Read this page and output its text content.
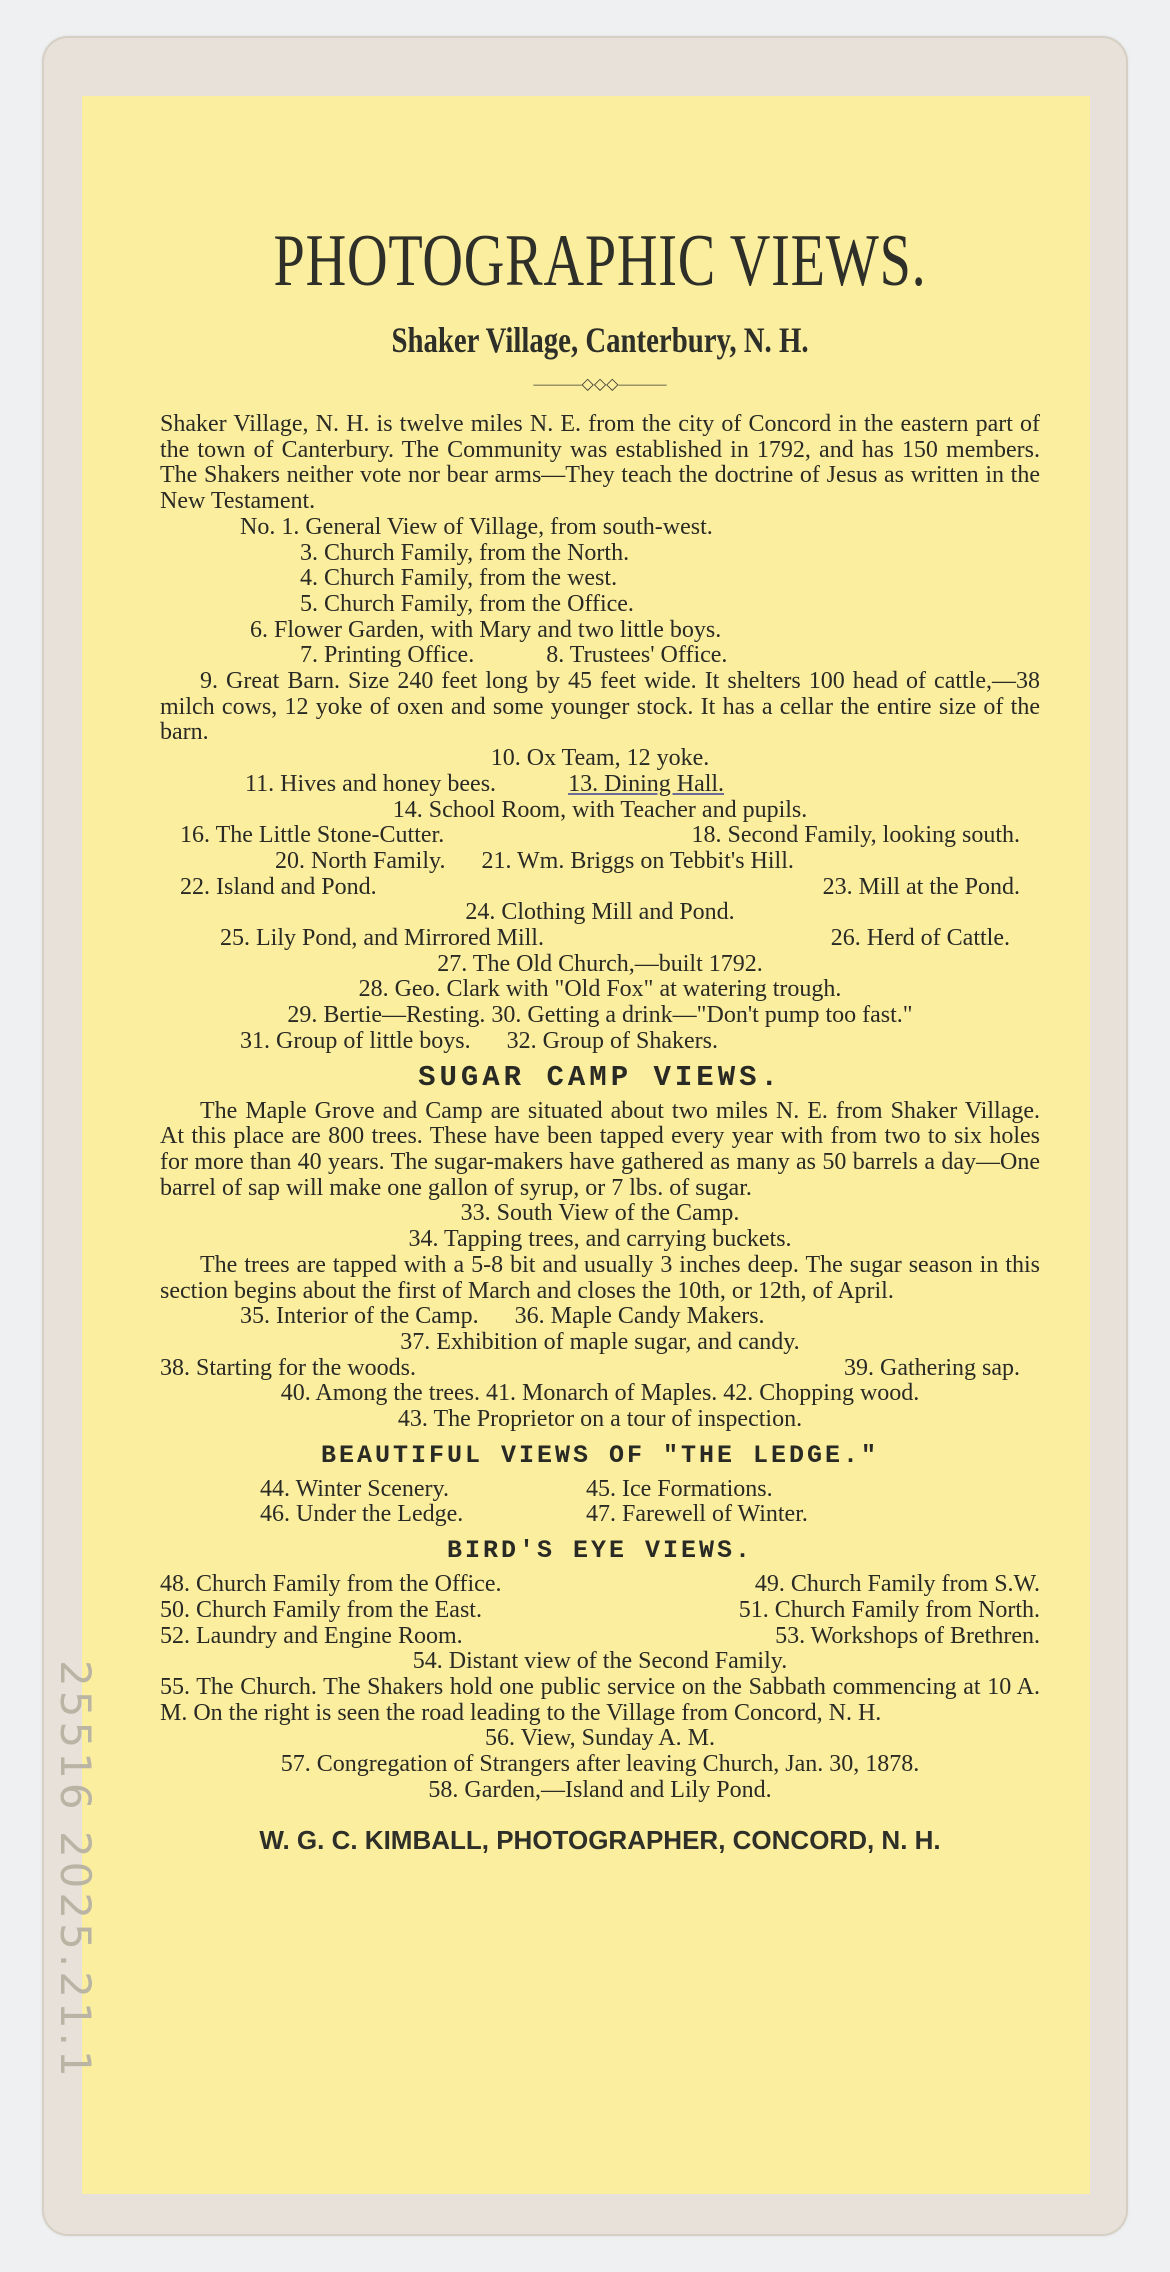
25516 2025.21.1
PHOTOGRAPHIC VIEWS.
Shaker Village, Canterbury, N. H.
———◇◇◇———
Shaker Village, N. H. is twelve miles N. E. from the city of Concord in the eastern part of the town of Canterbury. The Community was established in 1792, and has 150 members. The Shakers neither vote nor bear arms—They teach the doctrine of Jesus as written in the New Testament.
No. 1. General View of Village, from south-west.
3. Church Family, from the North.
4. Church Family, from the west.
5. Church Family, from the Office.
6. Flower Garden, with Mary and two little boys.
7. Printing Office.	8. Trustees' Office.
9. Great Barn. Size 240 feet long by 45 feet wide. It shelters 100 head of cattle,—38 milch cows, 12 yoke of oxen and some younger stock. It has a cellar the entire size of the barn.
10. Ox Team, 12 yoke.
11. Hives and honey bees.	13. Dining Hall.
14. School Room, with Teacher and pupils.
16. The Little Stone-Cutter.	18. Second Family, looking south.
20. North Family. 21. Wm. Briggs on Tebbit's Hill.
22. Island and Pond.	23. Mill at the Pond.
24. Clothing Mill and Pond.
25. Lily Pond, and Mirrored Mill.	26. Herd of Cattle.
27. The Old Church,—built 1792.
28. Geo. Clark with "Old Fox" at watering trough.
29. Bertie—Resting. 30. Getting a drink—"Don't pump too fast."
31. Group of little boys. 32. Group of Shakers.
SUGAR CAMP VIEWS.
The Maple Grove and Camp are situated about two miles N. E. from Shaker Village. At this place are 800 trees. These have been tapped every year with from two to six holes for more than 40 years. The sugar-makers have gathered as many as 50 barrels a day—One barrel of sap will make one gallon of syrup, or 7 lbs. of sugar.
33. South View of the Camp.
34. Tapping trees, and carrying buckets.
The trees are tapped with a 5-8 bit and usually 3 inches deep. The sugar season in this section begins about the first of March and closes the 10th, or 12th, of April.
35. Interior of the Camp. 36. Maple Candy Makers.
37. Exhibition of maple sugar, and candy.
38. Starting for the woods.	39. Gathering sap.
40. Among the trees. 41. Monarch of Maples. 42. Chopping wood.
43. The Proprietor on a tour of inspection.
BEAUTIFUL VIEWS OF "THE LEDGE."
44. Winter Scenery.	45. Ice Formations.
46. Under the Ledge.	47. Farewell of Winter.
BIRD'S EYE VIEWS.
48. Church Family from the Office.	49. Church Family from S.W.
50. Church Family from the East.	51. Church Family from North.
52. Laundry and Engine Room.	53. Workshops of Brethren.
54. Distant view of the Second Family.
55. The Church. The Shakers hold one public service on the Sabbath commencing at 10 A. M. On the right is seen the road leading to the Village from Concord, N. H.
56. View, Sunday A. M.
57. Congregation of Strangers after leaving Church, Jan. 30, 1878.
58. Garden,—Island and Lily Pond.
W. G. C. KIMBALL, PHOTOGRAPHER, CONCORD, N. H.
